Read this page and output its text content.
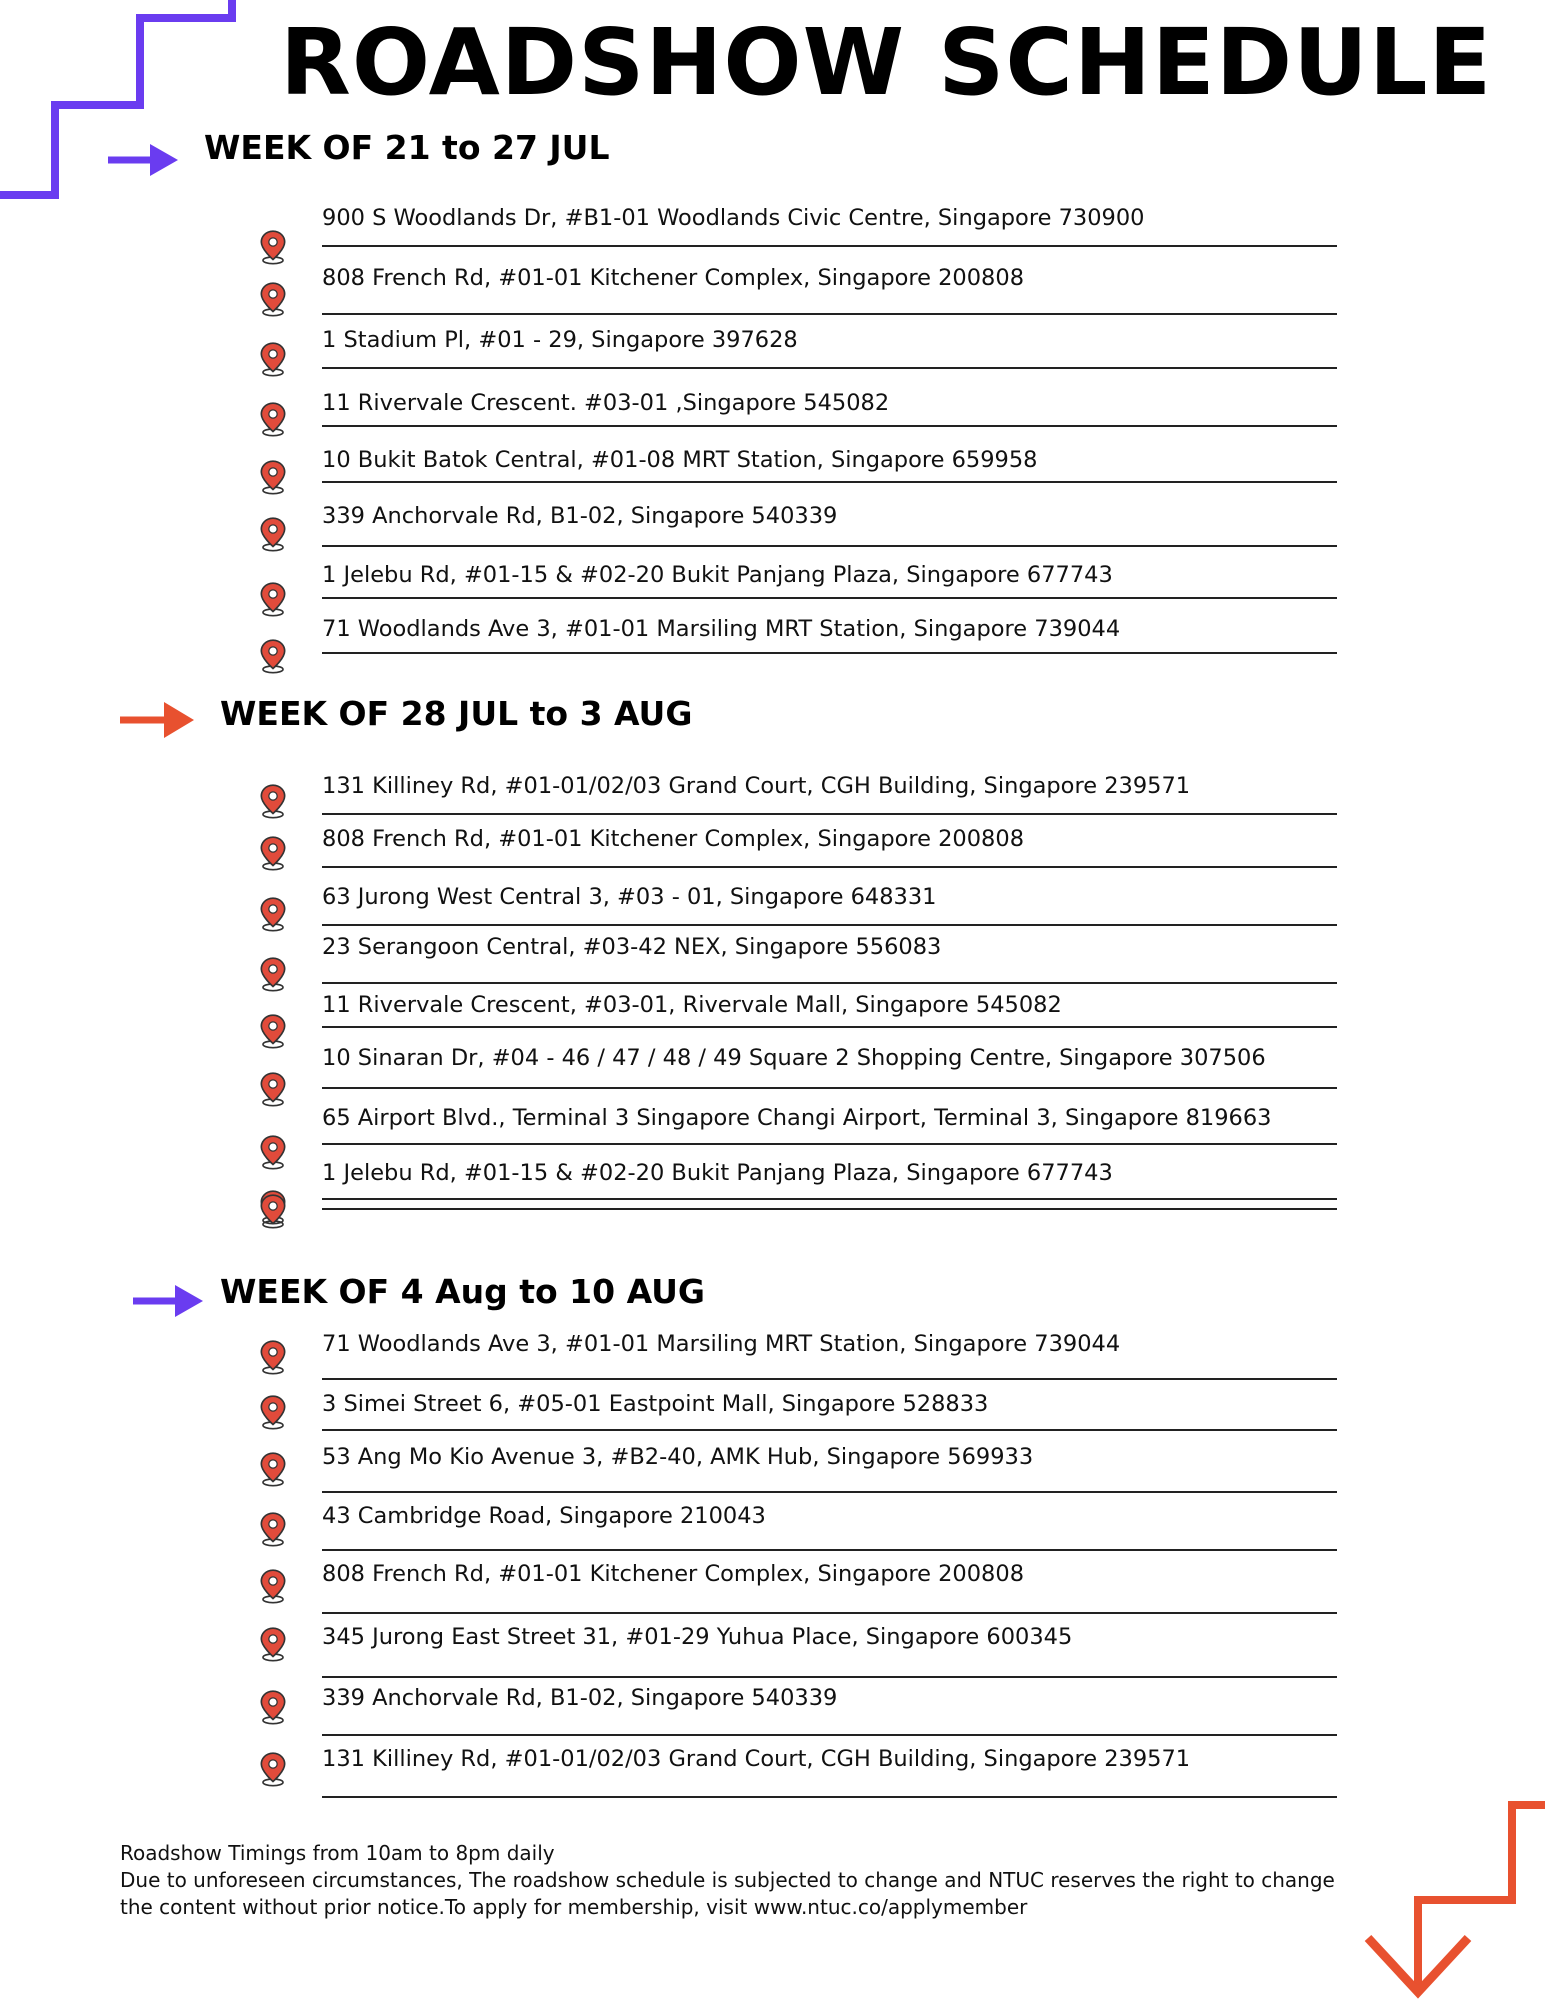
ROADSHOW SCHEDULE
WEEK OF 21 to 27 JUL
WEEK OF 28 JUL to 3 AUG
WEEK OF 4 Aug to 10 AUG
900 S Woodlands Dr, #B1-01 Woodlands Civic Centre, Singapore 730900
808 French Rd, #01-01 Kitchener Complex, Singapore 200808
1 Stadium Pl, #01 - 29, Singapore 397628
11 Rivervale Crescent. #03-01 ,Singapore 545082
10 Bukit Batok Central, #01-08 MRT Station, Singapore 659958
339 Anchorvale Rd, B1-02, Singapore 540339
1 Jelebu Rd, #01-15 & #02-20 Bukit Panjang Plaza, Singapore 677743
71 Woodlands Ave 3, #01-01 Marsiling MRT Station, Singapore 739044
131 Killiney Rd, #01-01/02/03 Grand Court, CGH Building, Singapore 239571
808 French Rd, #01-01 Kitchener Complex, Singapore 200808
63 Jurong West Central 3, #03 - 01, Singapore 648331
23 Serangoon Central, #03-42 NEX, Singapore 556083
11 Rivervale Crescent, #03-01, Rivervale Mall, Singapore 545082
10 Sinaran Dr, #04 - 46 / 47 / 48 / 49 Square 2 Shopping Centre, Singapore 307506
65 Airport Blvd., Terminal 3 Singapore Changi Airport, Terminal 3, Singapore 819663
1 Jelebu Rd, #01-15 & #02-20 Bukit Panjang Plaza, Singapore 677743
71 Woodlands Ave 3, #01-01 Marsiling MRT Station, Singapore 739044
3 Simei Street 6, #05-01 Eastpoint Mall, Singapore 528833
53 Ang Mo Kio Avenue 3, #B2-40, AMK Hub, Singapore 569933
43 Cambridge Road, Singapore 210043
808 French Rd, #01-01 Kitchener Complex, Singapore 200808
345 Jurong East Street 31, #01-29 Yuhua Place, Singapore 600345
339 Anchorvale Rd, B1-02, Singapore 540339
131 Killiney Rd, #01-01/02/03 Grand Court, CGH Building, Singapore 239571
Roadshow Timings from 10am to 8pm daily
Due to unforeseen circumstances, The roadshow schedule is subjected to change and NTUC reserves the right to change the content without prior notice.To apply for membership, visit www.ntuc.co/applymember
